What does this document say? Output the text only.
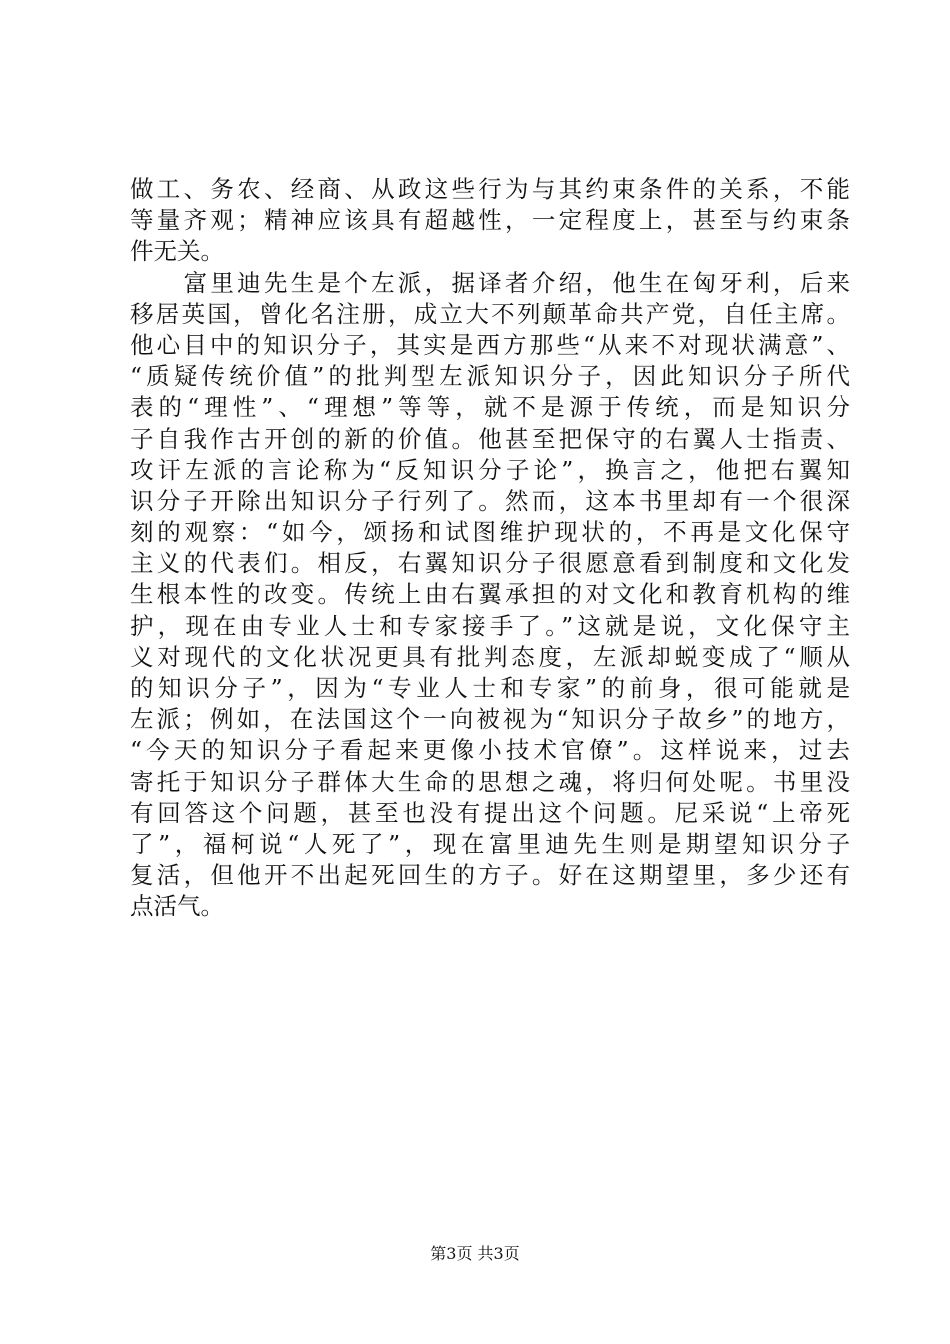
做工、务农、经商、从政这些行为与其约束条件的关系，不能
等量齐观；精神应该具有超越性，一定程度上，甚至与约束条
件无关。
　　富里迪先生是个左派，据译者介绍，他生在匈牙利，后来
移居英国，曾化名注册，成立大不列颠革命共产党，自任主席。
他心目中的知识分子，其实是西方那些“从来不对现状满意”、
“质疑传统价值”的批判型左派知识分子，因此知识分子所代
表的“理性”、“理想”等等，就不是源于传统，而是知识分
子自我作古开创的新的价值。他甚至把保守的右翼人士指责、
攻讦左派的言论称为“反知识分子论”，换言之，他把右翼知
识分子开除出知识分子行列了。然而，这本书里却有一个很深
刻的观察：“如今，颂扬和试图维护现状的，不再是文化保守
主义的代表们。相反，右翼知识分子很愿意看到制度和文化发
生根本性的改变。传统上由右翼承担的对文化和教育机构的维
护，现在由专业人士和专家接手了。”这就是说，文化保守主
义对现代的文化状况更具有批判态度，左派却蜕变成了“顺从
的知识分子”，因为“专业人士和专家”的前身，很可能就是
左派；例如，在法国这个一向被视为“知识分子故乡”的地方，
“今天的知识分子看起来更像小技术官僚”。这样说来，过去
寄托于知识分子群体大生命的思想之魂，将归何处呢。书里没
有回答这个问题，甚至也没有提出这个问题。尼采说“上帝死
了”，福柯说“人死了”，现在富里迪先生则是期望知识分子
复活，但他开不出起死回生的方子。好在这期望里，多少还有
点活气。
第3页 共3页
